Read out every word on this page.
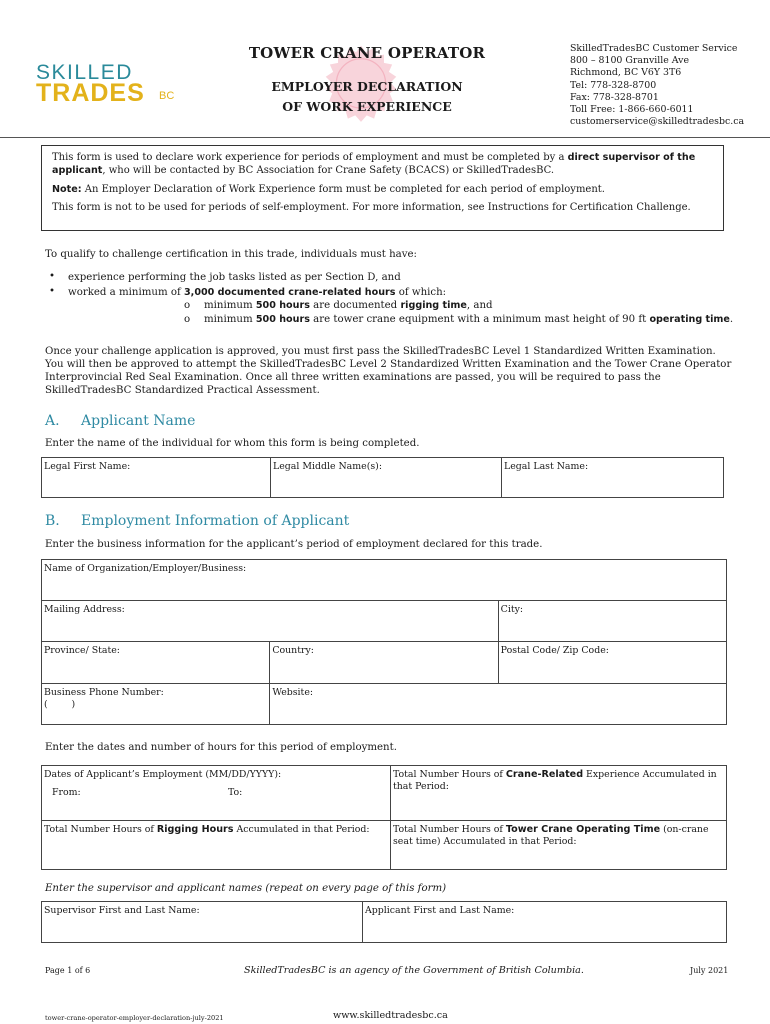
SKILLED
TRADES BC
TOWER CRANE OPERATOR
EMPLOYER DECLARATION
OF WORK EXPERIENCE
SkilledTradesBC Customer Service
800 – 8100 Granville Ave
Richmond, BC V6Y 3T6
Tel: 778-328-8700
Fax: 778-328-8701
Toll Free: 1-866-660-6011
customerservice@skilledtradesbc.ca

This form is used to declare work experience for periods of employment and must be completed by a direct supervisor of the applicant, who will be contacted by BC Association for Crane Safety (BCACS) or SkilledTradesBC.

Note: An Employer Declaration of Work Experience form must be completed for each period of employment.

This form is not to be used for periods of self-employment. For more information, see Instructions for Certification Challenge.

To qualify to challenge certification in this trade, individuals must have:
• experience performing the job tasks listed as per Section D, and
• worked a minimum of 3,000 documented crane-related hours of which:
o minimum 500 hours are documented rigging time, and
o minimum 500 hours are tower crane equipment with a minimum mast height of 90 ft operating time.
Once your challenge application is approved, you must first pass the SkilledTradesBC Level 1 Standardized Written Examination. You will then be approved to attempt the SkilledTradesBC Level 2 Standardized Written Examination and the Tower Crane Operator Interprovincial Red Seal Examination. Once all three written examinations are passed, you will be required to pass the SkilledTradesBC Standardized Practical Assessment.
A. Applicant Name
Enter the name of the individual for whom this form is being completed.
Legal First Name:	Legal Middle Name(s):	Legal Last Name:
B. Employment Information of Applicant
Enter the business information for the applicant’s period of employment declared for this trade.
Name of Organization/Employer/Business:		
Mailing Address:		City:
Province/ State:	Country:	Postal Code/ Zip Code:

Business Phone Number:
(        )	Website:	
Enter the dates and number of hours for this period of employment.
Dates of Applicant’s Employment (MM/DD/YYYY):
From: To:	Total Number Hours of Crane-Related Experience Accumulated in that Period:
Total Number Hours of Rigging Hours Accumulated in that Period:	Total Number Hours of Tower Crane Operating Time (on-crane seat time) Accumulated in that Period:
Enter the supervisor and applicant names (repeat on every page of this form)
Supervisor First and Last Name:	Applicant First and Last Name:
Page 1 of 6	SkilledTradesBC is an agency of the Government of British Columbia.	July 2021
tower-crane-operator-employer-declaration-july-2021	www.skilledtradesbc.ca
